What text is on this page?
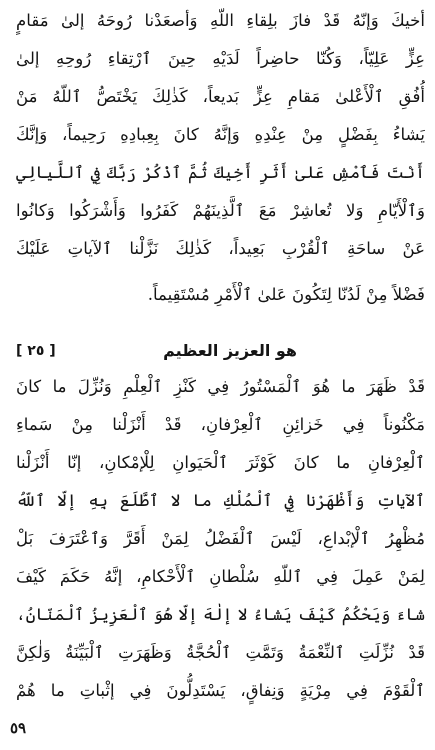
أخيكَ وَإنّهُ قَدْ فازَ بلِقاءِ اللّهِ وَأصعَدْنا رُوحَهُ إلىٰ مَقامٍ
عِزٍّ عَلِيّاً، وَكُنّا حاضِراً لَدَيْهِ حِينَ ٱرْتِقاءِ رُوحِهِ إلىٰ
أُفُقِ ٱلْأَعْلىٰ مَقامِ عِزٍّ بَديعاً، كَذٰلِكَ يَخْتَصُّ ٱللّهُ مَنْ
يَشاءُ بِفَضْلٍ مِنْ عِنْدِهِ وَإنَّهُ كانَ بِعِبادِهِ رَحِيماً، وَإنَّكَ
أَنْتَ فَٱمْشِ عَلىٰ أَثَرِ أَخِيكَ ثُمَّ ٱذْكُرْ رَبَّكَ فِي ٱللَّيالِي
وَٱلْأَيّامِ وَلا تُعاشِرْ مَعَ ٱلَّذِينَهُمْ كَفَرُوا وَأَشْرَكُوا وَكانُوا
عَنْ ساحَةِ ٱلْقُرْبِ بَعِيداً، كَذٰلِكَ نَزَّلْنا ٱلآياتِ عَلَيْكَ
فَضْلاً مِنْ لَدُنّا لِتَكُونَ عَلىٰ ٱلْأَمْرِ مُسْتَقِيماً.
هو العزيز العظيم
[ ٢٥ ]
قَدْ ظَهَرَ ما هُوَ ٱلْمَسْتُورُ فِي كَنْزِ ٱلْعِلْمِ وَنُزِّلَ ما كانَ
مَكْنُوناً فِي خَزائِنِ ٱلْعِرْفانِ، قَدْ أَنْزَلْنا مِنْ سَماءِ
ٱلْعِرْفانِ ما كانَ كَوْثَرَ ٱلْحَيَوانِ لِلْإمْكانِ، إنّا أَنْزَلْنا
ٱلآياتِ وَأَظْهَرْنا فِي ٱلْمُلْكِ ما لا ٱطَّلَعَ بِهِ إلّا ٱللّهُ
مُظْهِرُ ٱلْإبْداعِ، لَيْسَ ٱلْفَضْلُ لِمَنْ أَقَرَّ وَٱعْتَرَفَ بَلْ
لِمَنْ عَمِلَ فِي ٱللّهِ سُلْطانِ ٱلْأَحْكامِ، إنَّهُ حَكَمَ كَيْفَ
شاءَ وَيَحْكُمُ كَيْفَ يَشاءُ لا إلٰهَ إلّا هُوَ ٱلْعَزِيزُ ٱلْمَنّانُ،
قَدْ نُزِّلَتِ ٱلنِّعْمَةُ وَتَمَّتِ ٱلْحُجَّةُ وَظَهَرَتِ ٱلْبَيِّنَةُ وَلٰكِنَّ
ٱلْقَوْمَ فِي مِرْيَةٍ وَنِفاقٍ، يَسْتَدِلُّونَ فِي إثْباتِ ما هُمْ
٥٩
